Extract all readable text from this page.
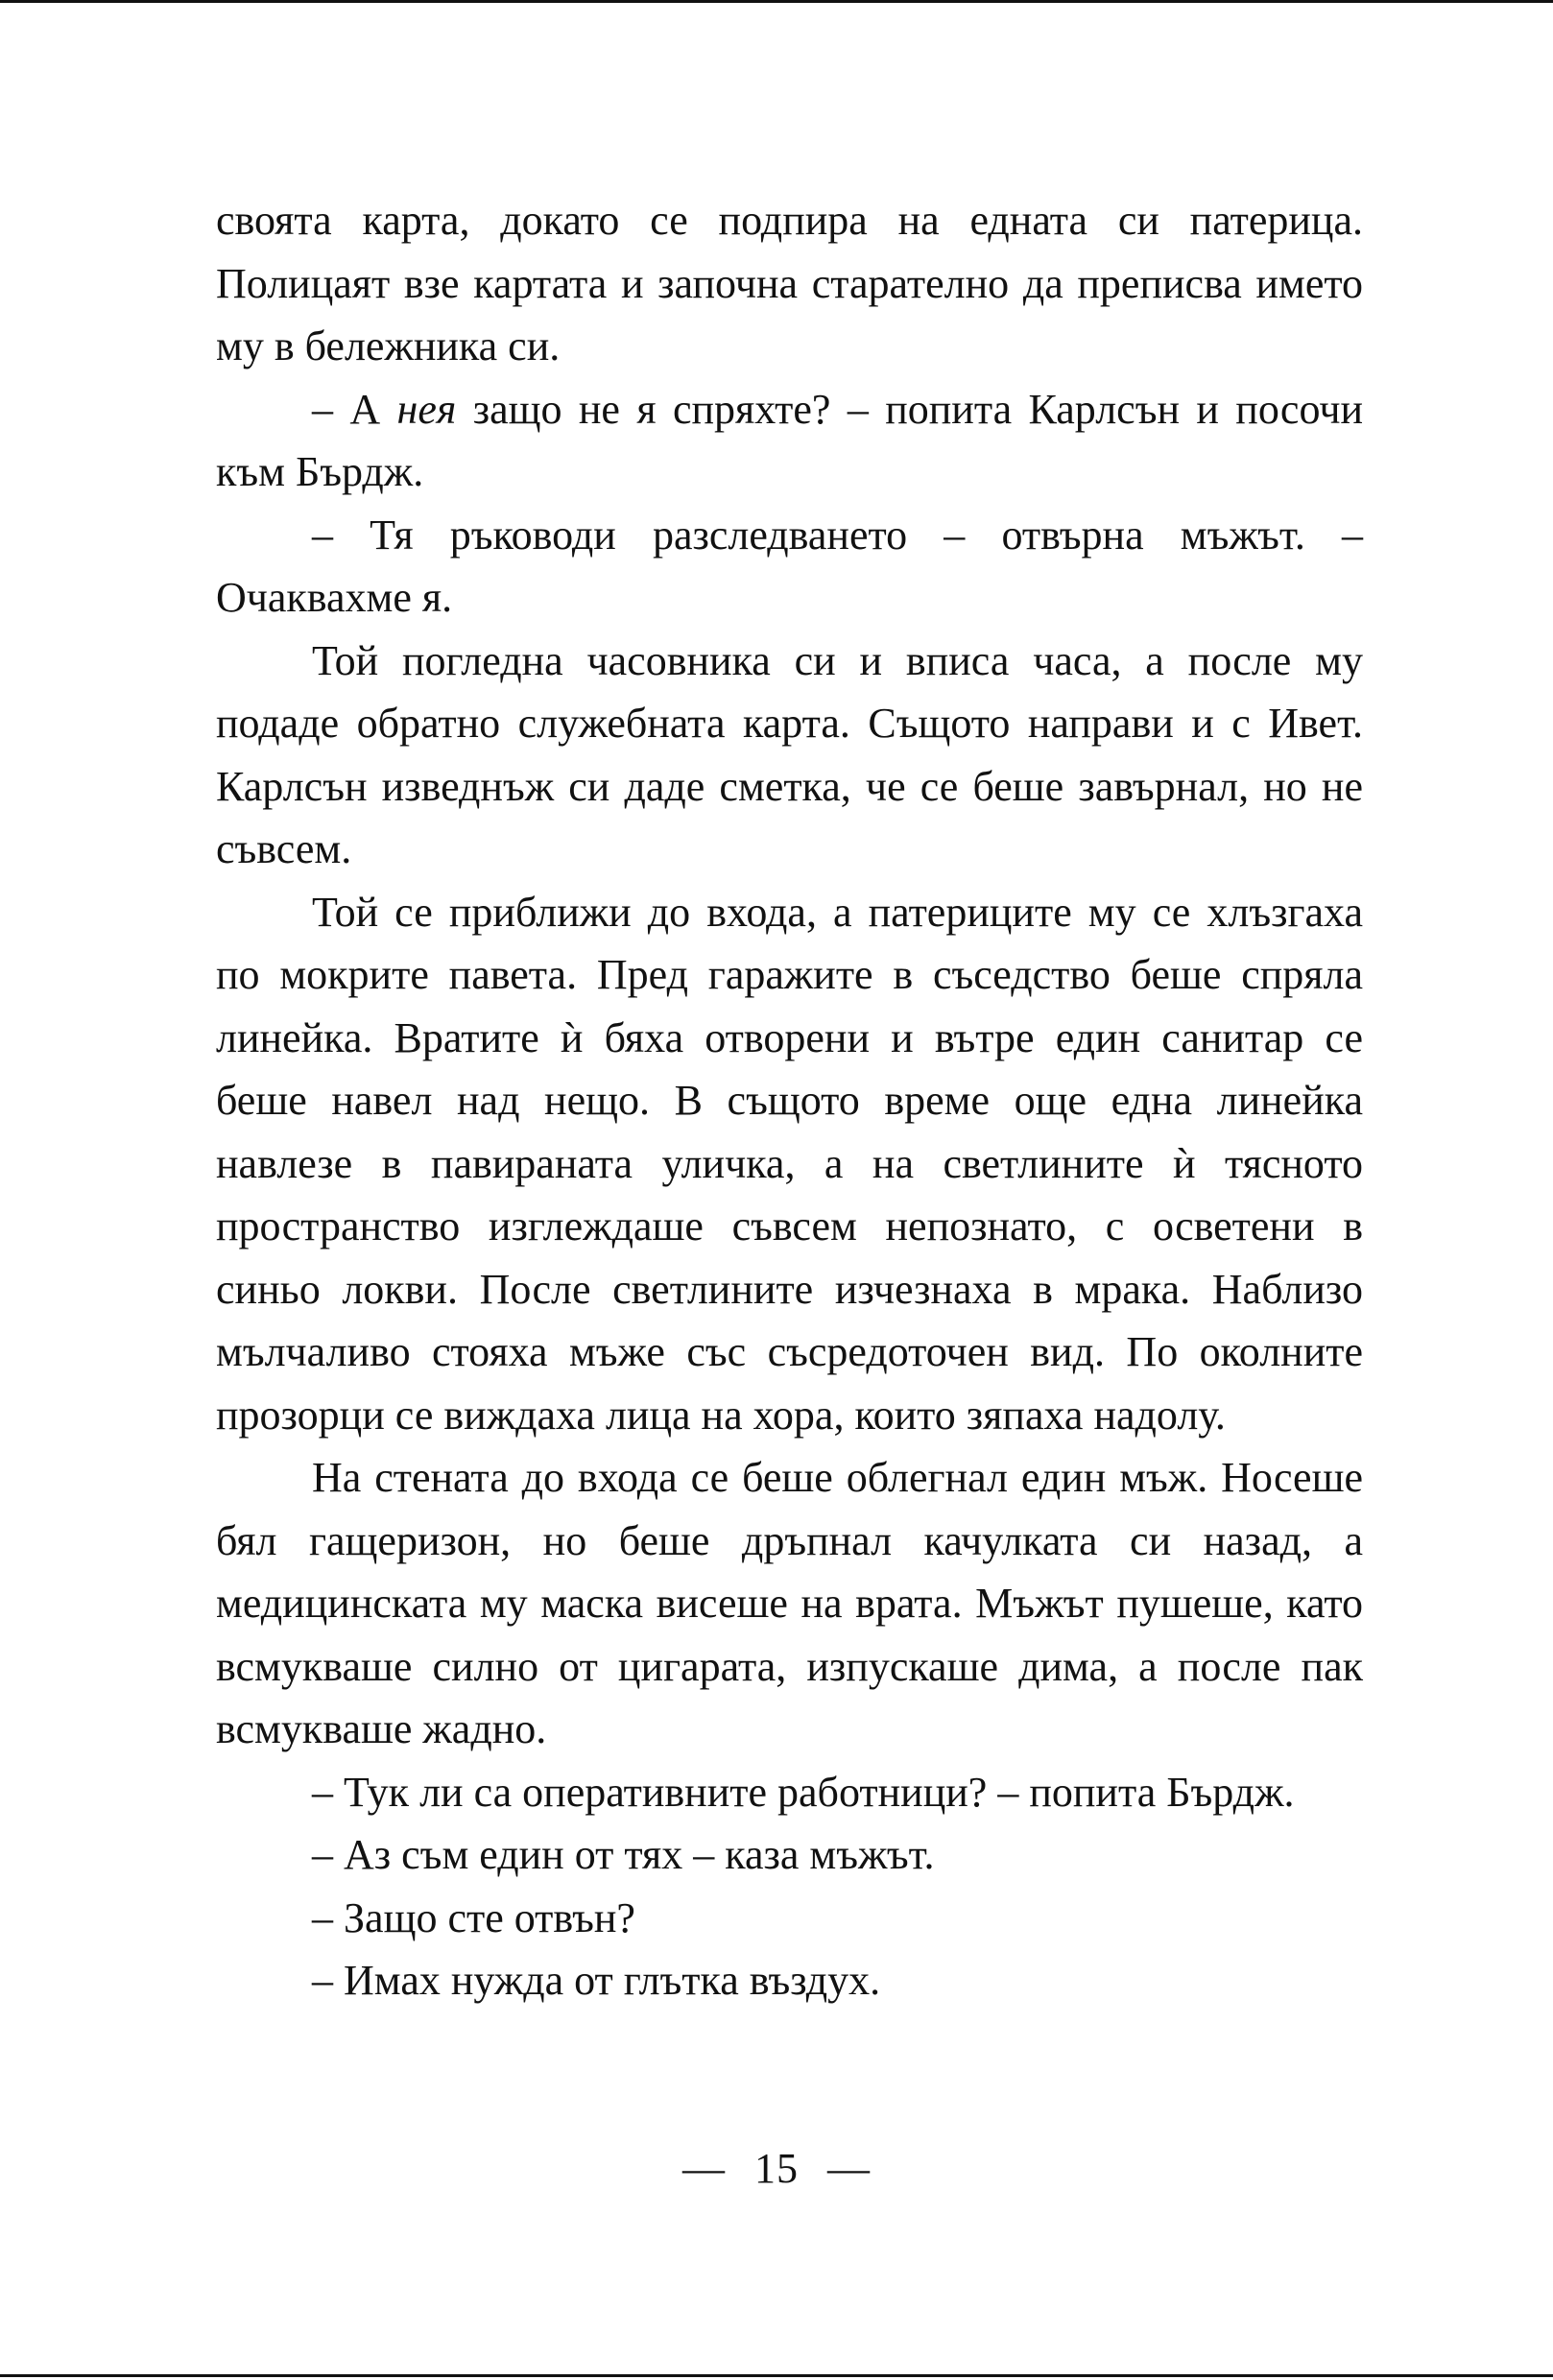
своята карта, докато се подпира на едната си патерица. Полицаят взе картата и започна старателно да преписва името му в бележника си.

– А нея защо не я спряхте? – попита Карлсън и посочи към Бърдж.

– Тя ръководи разследването – отвърна мъжът. – Очаквахме я.

Той погледна часовника си и вписа часа, а после му подаде обратно служебната карта. Същото направи и с Ивет. Карлсън изведнъж си даде сметка, че се беше завърнал, но не съвсем.

Той се приближи до входа, а патериците му се хлъзгаха по мокрите павета. Пред гаражите в съседство беше спряла линейка. Вратите ѝ бяха отворени и вътре един санитар се беше навел над нещо. В същото време още една линейка навлезе в павираната уличка, а на светлините ѝ тясното пространство изглеждаше съвсем непознато, с осветени в синьо локви. После светлините изчезнаха в мрака. Наблизо мълчаливо стояха мъже със съсредоточен вид. По околните прозорци се виждаха лица на хора, които зяпаха надолу.

На стената до входа се беше облегнал един мъж. Носеше бял гащеризон, но беше дръпнал качулката си назад, а медицинската му маска висеше на врата. Мъжът пушеше, като всмукваше силно от цигарата, изпускаше дима, а после пак всмукваше жадно.

– Тук ли са оперативните работници? – попита Бърдж.

– Аз съм един от тях – каза мъжът.

– Защо сте отвън?

– Имах нужда от глътка въздух.

— 15 —
